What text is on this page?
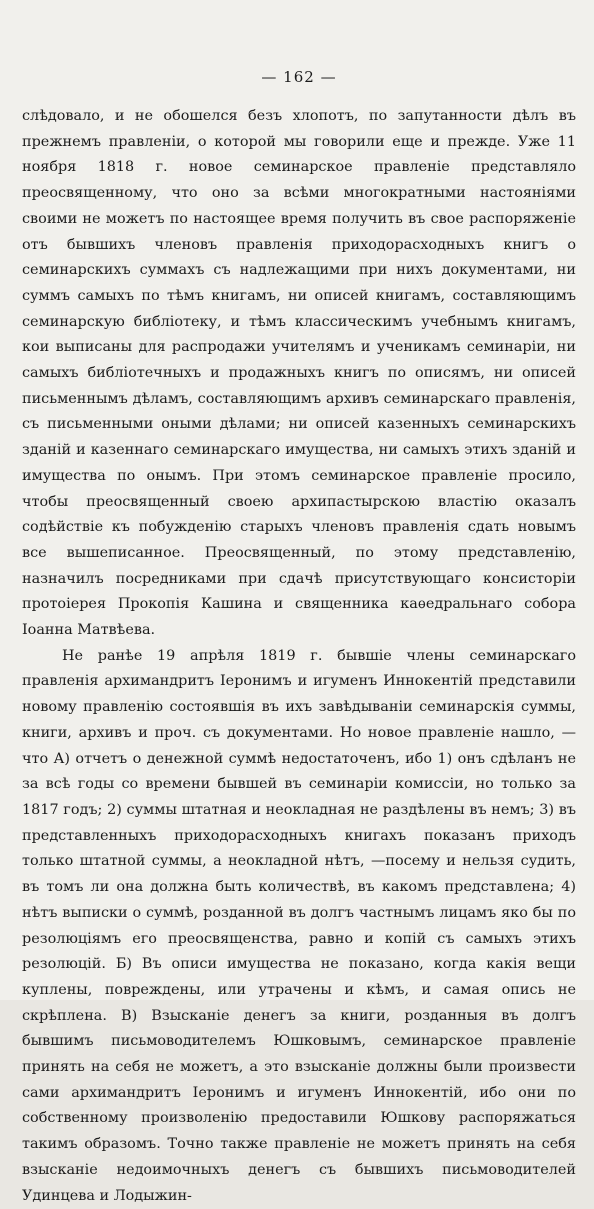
— 162 —

слѣдовало, и не обошелся безъ хлопотъ, по запутанности дѣлъ въ прежнемъ правленіи, о которой мы говорили еще и прежде. Уже 11 ноября 1818 г. новое семинарское правленіе представляло преосвященному, что оно за всѣми многократными настояніями своими не можетъ по настоящее время получить въ свое распоряженіе отъ бывшихъ членовъ правленія приходорасходныхъ книгъ о семинарскихъ суммахъ съ надлежащими при нихъ документами, ни суммъ самыхъ по тѣмъ книгамъ, ни описей книгамъ, составляющимъ семинарскую библіотеку, и тѣмъ классическимъ учебнымъ книгамъ, кои выписаны для распродажи учителямъ и ученикамъ семинаріи, ни самыхъ библіотечныхъ и продажныхъ книгъ по описямъ, ни описей письменнымъ дѣламъ, составляющимъ архивъ семинарскаго правленія, съ письменными оными дѣлами; ни описей казенныхъ семинарскихъ зданій и казеннаго семинарскаго имущества, ни самыхъ этихъ зданій и имущества по онымъ. При этомъ семинарское правленіе просило, чтобы преосвященный своею архипастырскою властію оказалъ содѣйствіе къ побужденію старыхъ членовъ правленія сдать новымъ все вышеписанное. Преосвященный, по этому представленію, назначилъ посредниками при сдачѣ присутствующаго консисторіи протоіерея Прокопія Кашина и священника каѳедральнаго собора Іоанна Матвѣева.

Не ранѣе 19 апрѣля 1819 г. бывшіе члены семинарскаго правленія архимандритъ Іеронимъ и игуменъ Иннокентій представили новому правленію состоявшія въ ихъ завѣдываніи семинарскія суммы, книги, архивъ и проч. съ документами. Но новое правленіе нашло, —что А) отчетъ о денежной суммѣ недостаточенъ, ибо 1) онъ сдѣланъ не за всѣ годы со времени бывшей въ семинаріи комиссіи, но только за 1817 годъ; 2) суммы штатная и неокладная не раздѣлены въ немъ; 3) въ представленныхъ приходорасходныхъ книгахъ показанъ приходъ только штатной суммы, а неокладной нѣтъ, —посему и нельзя судить, въ томъ ли она должна быть количествѣ, въ какомъ представлена; 4) нѣтъ выписки о суммѣ, розданной въ долгъ частнымъ лицамъ яко бы по резолюціямъ его преосвященства, равно и копій съ самыхъ этихъ резолюцій. Б) Въ описи имущества не показано, когда какія вещи куплены, повреждены, или утрачены и кѣмъ, и самая опись не скрѣплена. В) Взысканіе денегъ за книги, розданныя въ долгъ бывшимъ письмоводителемъ Юшковымъ, семинарское правленіе принять на себя не можетъ, а это взысканіе должны были произвести сами архимандритъ Іеронимъ и игуменъ Иннокентій, ибо они по собственному произволенію предоставили Юшкову распоряжаться такимъ образомъ. Точно также правленіе не можетъ принять на себя взысканіе недоимочныхъ денегъ съ бывшихъ письмоводителей Удинцева и Лодыжин-
